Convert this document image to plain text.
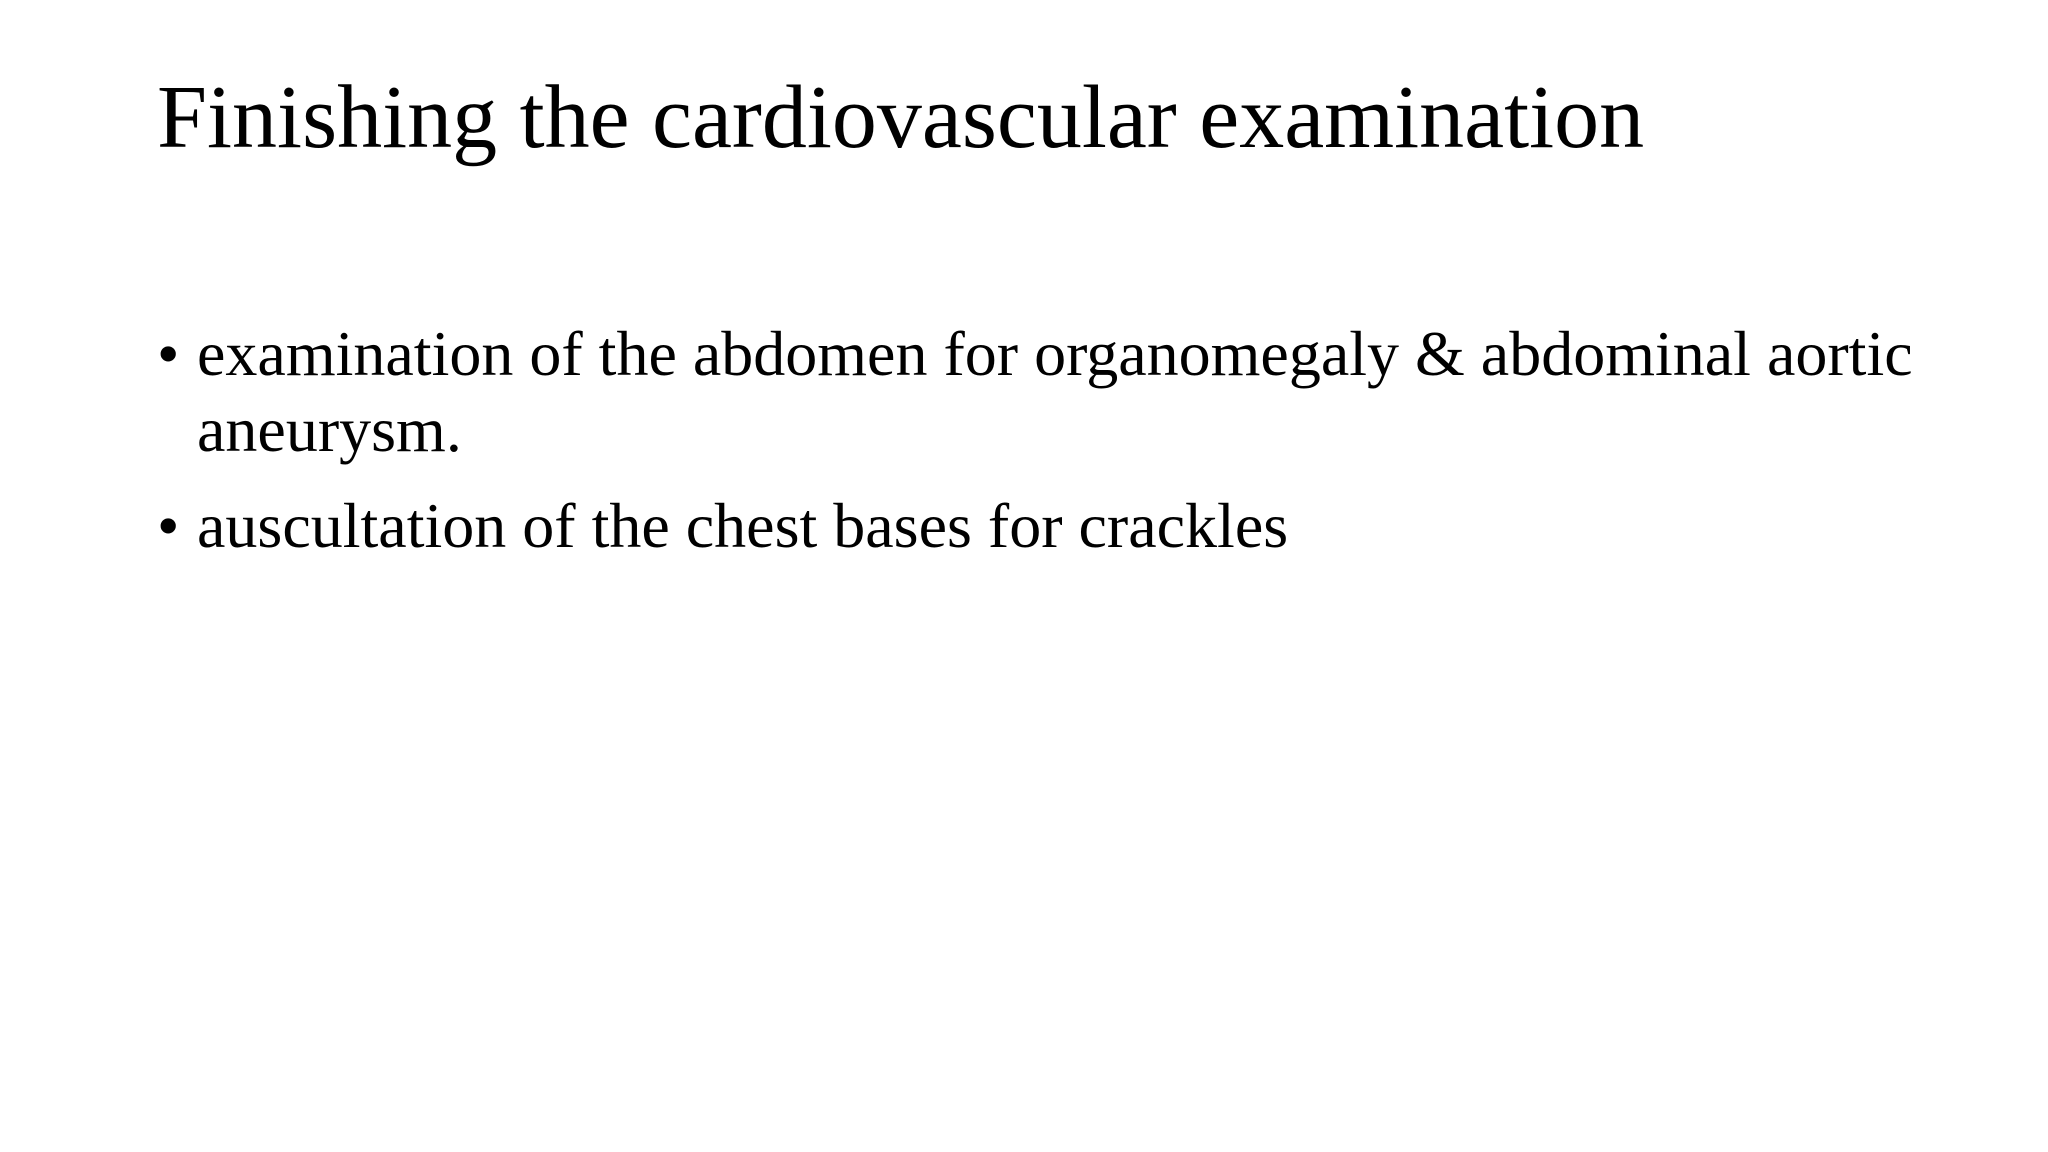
Finishing the cardiovascular examination
• examination of the abdomen for organomegaly & abdominal aortic aneurysm.
• auscultation of the chest bases for crackles
